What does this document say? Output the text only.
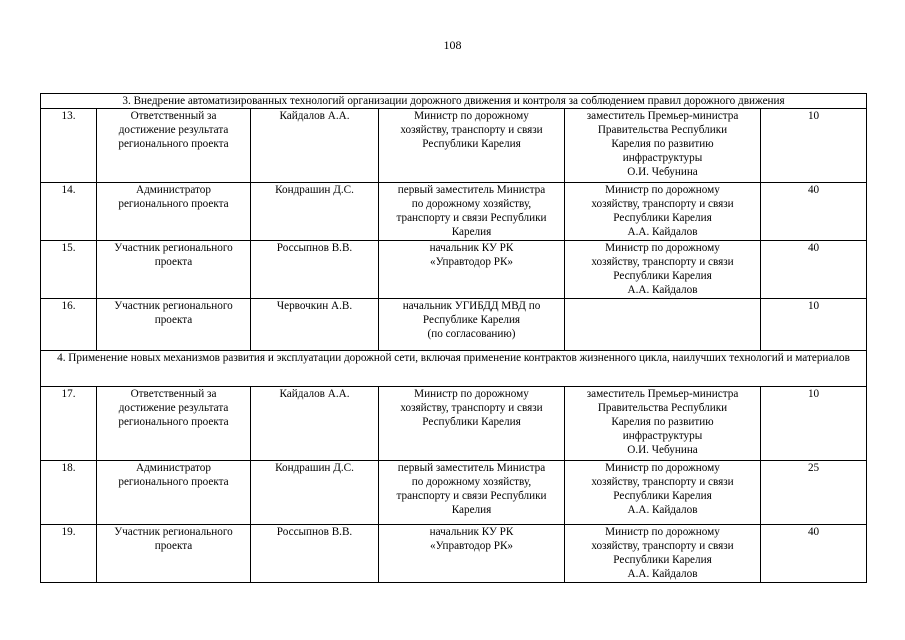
108
3. Внедрение автоматизированных технологий организации дорожного движения и контроля за соблюдением правил дорожного движения					
13.	Ответственный за
достижение результата
регионального проекта	Кайдалов А.А.	Министр по дорожному
хозяйству, транспорту и связи
Республики Карелия	заместитель Премьер-министра
Правительства Республики
Карелия по развитию
инфраструктуры
О.И. Чебунина	10
14.	Администратор
регионального проекта	Кондрашин Д.С.	первый заместитель Министра
по дорожному хозяйству,
транспорту и связи Республики
Карелия	Министр по дорожному
хозяйству, транспорту и связи
Республики Карелия
А.А. Кайдалов	40
15.	Участник регионального
проекта	Россыпнов В.В.	начальник КУ РК
«Управтодор РК»	Министр по дорожному
хозяйству, транспорту и связи
Республики Карелия
А.А. Кайдалов	40
16.	Участник регионального
проекта	Червочкин А.В.	начальник УГИБДД МВД по
Республике Карелия
(по согласованию)		10
4. Применение новых механизмов развития и эксплуатации дорожной сети, включая применение контрактов жизненного цикла, наилучших технологий и материалов					
17.	Ответственный за
достижение результата
регионального проекта	Кайдалов А.А.	Министр по дорожному
хозяйству, транспорту и связи
Республики Карелия	заместитель Премьер-министра
Правительства Республики
Карелия по развитию
инфраструктуры
О.И. Чебунина	10
18.	Администратор
регионального проекта	Кондрашин Д.С.	первый заместитель Министра
по дорожному хозяйству,
транспорту и связи Республики
Карелия	Министр по дорожному
хозяйству, транспорту и связи
Республики Карелия
А.А. Кайдалов	25
19.	Участник регионального
проекта	Россыпнов В.В.	начальник КУ РК
«Управтодор РК»	Министр по дорожному
хозяйству, транспорту и связи
Республики Карелия
А.А. Кайдалов	40
